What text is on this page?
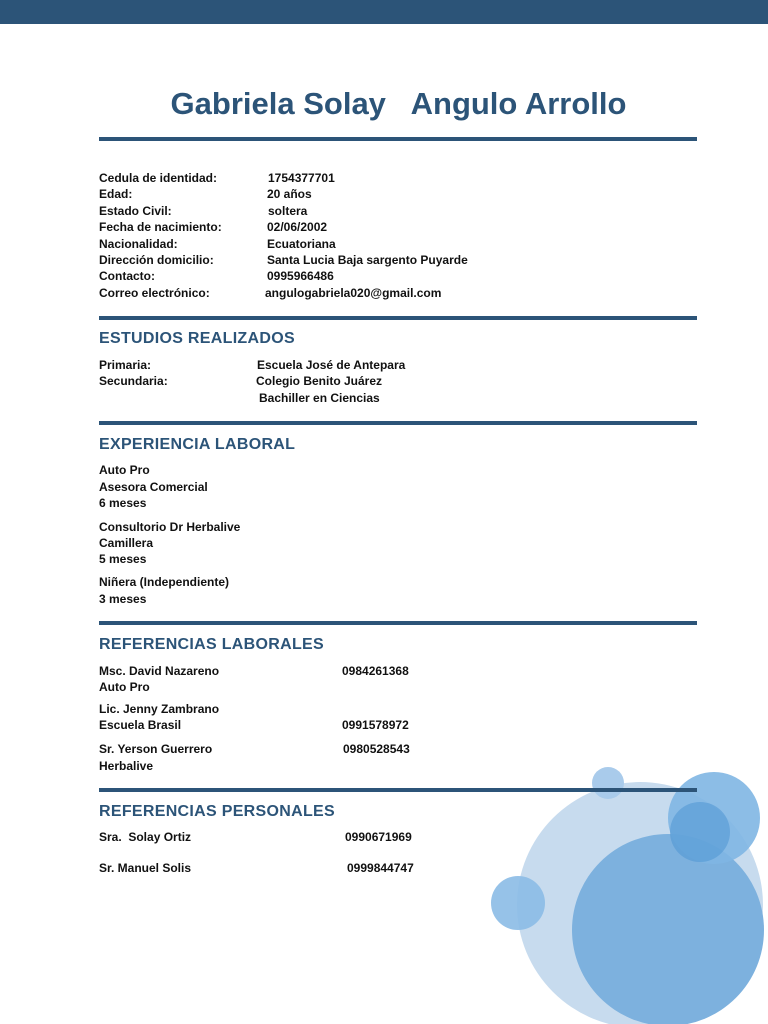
Gabriela Solay   Angulo Arrollo
Cedula de identidad:	1754377701
Edad:	20 años
Estado Civil:	soltera
Fecha de nacimiento:	02/06/2002
Nacionalidad:	Ecuatoriana
Dirección domicilio:	Santa Lucia Baja sargento Puyarde
Contacto:	0995966486
Correo electrónico:	angulogabriela020@gmail.com
ESTUDIOS REALIZADOS
Primaria:	Escuela José de Antepara
Secundaria:	Colegio Benito Juárez
Bachiller en Ciencias
EXPERIENCIA LABORAL
Auto Pro
Asesora Comercial
6 meses
Consultorio Dr Herbalive
Camillera
5 meses
Niñera (Independiente)
3 meses
REFERENCIAS LABORALES
Msc. David Nazareno	0984261368
Auto Pro
Lic. Jenny Zambrano
Escuela Brasil	0991578972
Sr. Yerson Guerrero	0980528543
Herbalive
REFERENCIAS PERSONALES
Sra.  Solay Ortiz	0990671969
Sr. Manuel Solis	0999844747
